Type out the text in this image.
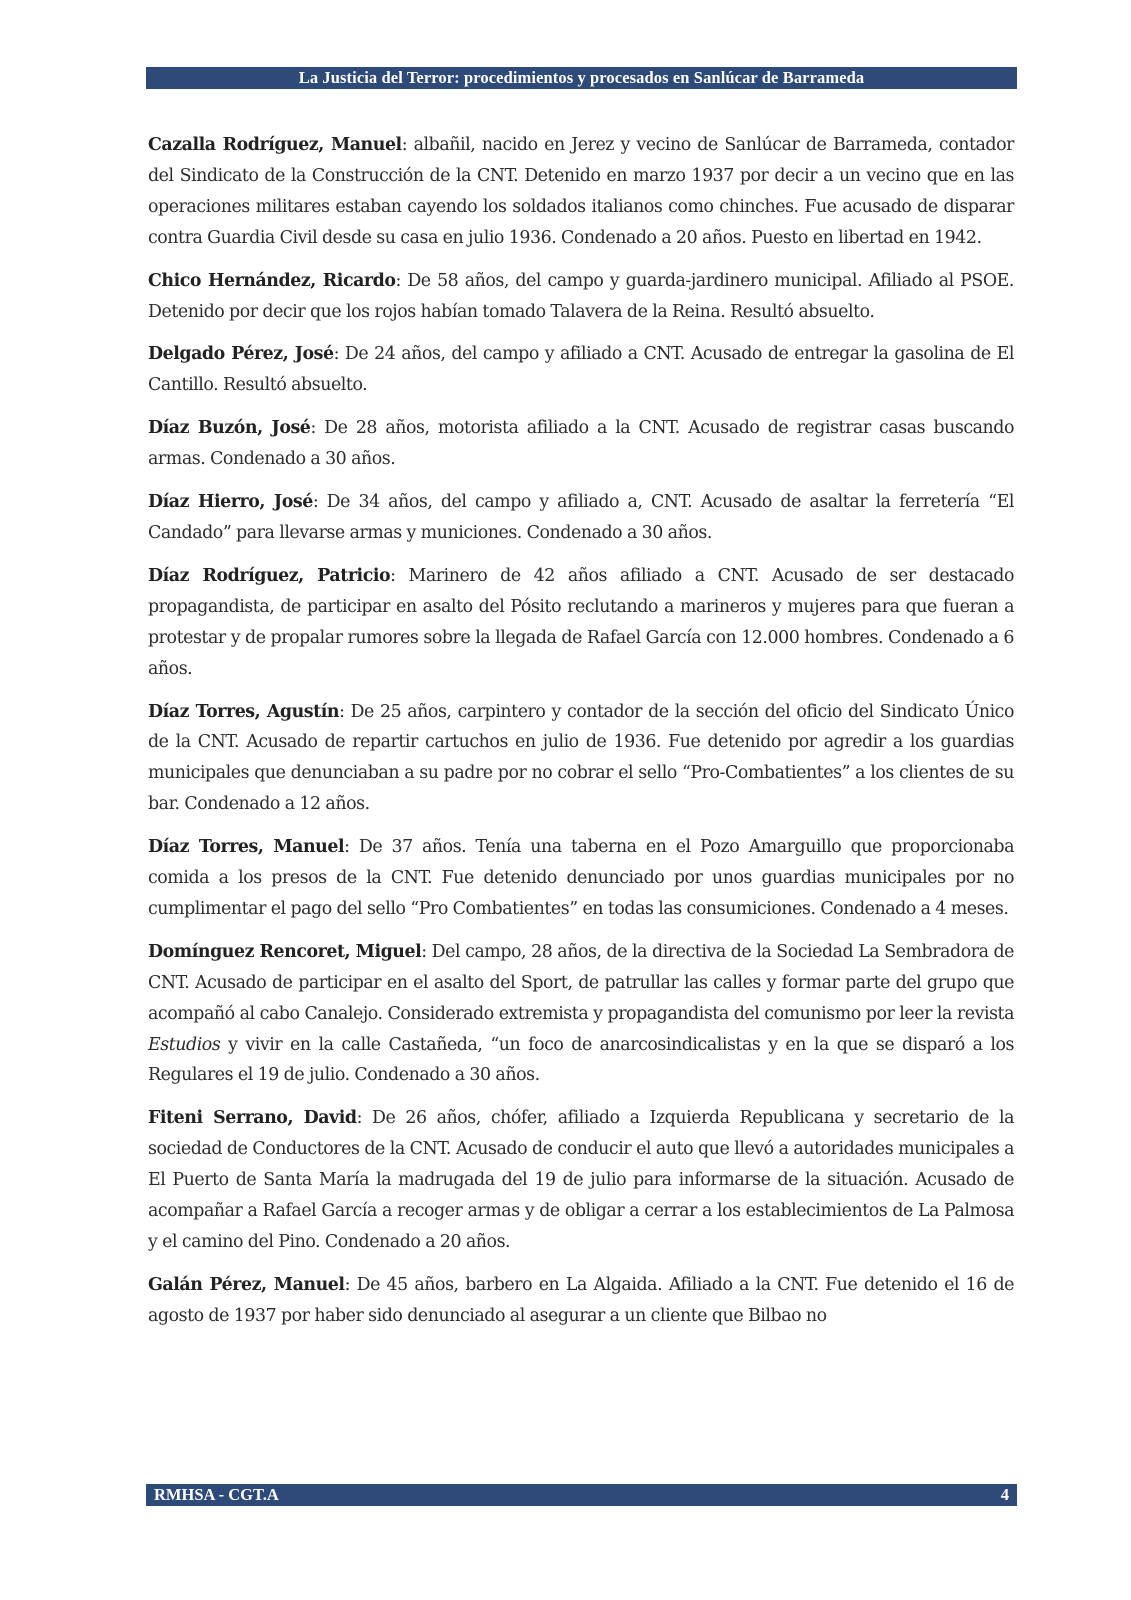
La Justicia del Terror: procedimientos y procesados en Sanlúcar de Barrameda

Cazalla Rodríguez, Manuel: albañil, nacido en Jerez y vecino de Sanlúcar de Barrameda, contador del Sindicato de la Construcción de la CNT. Detenido en marzo 1937 por decir a un vecino que en las operaciones militares estaban cayendo los soldados italianos como chinches. Fue acusado de disparar contra Guardia Civil desde su casa en julio 1936. Condenado a 20 años. Puesto en libertad en 1942.

Chico Hernández, Ricardo: De 58 años, del campo y guarda-jardinero municipal. Afiliado al PSOE. Detenido por decir que los rojos habían tomado Talavera de la Reina. Resultó absuelto.

Delgado Pérez, José: De 24 años, del campo y afiliado a CNT. Acusado de entregar la gasolina de El Cantillo. Resultó absuelto.

Díaz Buzón, José: De 28 años, motorista afiliado a la CNT. Acusado de registrar casas buscando armas. Condenado a 30 años.

Díaz Hierro, José: De 34 años, del campo y afiliado a, CNT. Acusado de asaltar la ferretería “El Candado” para llevarse armas y municiones. Condenado a 30 años.

Díaz Rodríguez, Patricio: Marinero de 42 años afiliado a CNT. Acusado de ser destacado propagandista, de participar en asalto del Pósito reclutando a marineros y mujeres para que fueran a protestar y de propalar rumores sobre la llegada de Rafael García con 12.000 hombres. Condenado a 6 años.

Díaz Torres, Agustín: De 25 años, carpintero y contador de la sección del oficio del Sindicato Único de la CNT. Acusado de repartir cartuchos en julio de 1936. Fue detenido por agredir a los guardias municipales que denunciaban a su padre por no cobrar el sello “Pro-Combatientes” a los clientes de su bar. Condenado a 12 años.

Díaz Torres, Manuel: De 37 años. Tenía una taberna en el Pozo Amarguillo que proporcionaba comida a los presos de la CNT. Fue detenido denunciado por unos guardias municipales por no cumplimentar el pago del sello “Pro Combatientes” en todas las consumiciones. Condenado a 4 meses.

Domínguez Rencoret, Miguel: Del campo, 28 años, de la directiva de la Sociedad La Sembradora de CNT. Acusado de participar en el asalto del Sport, de patrullar las calles y formar parte del grupo que acompañó al cabo Canalejo. Considerado extremista y propagandista del comunismo por leer la revista Estudios y vivir en la calle Castañeda, “un foco de anarcosindicalistas y en la que se disparó a los Regulares el 19 de julio. Condenado a 30 años.

Fiteni Serrano, David: De 26 años, chófer, afiliado a Izquierda Republicana y secretario de la sociedad de Conductores de la CNT. Acusado de conducir el auto que llevó a autoridades municipales a El Puerto de Santa María la madrugada del 19 de julio para informarse de la situación. Acusado de acompañar a Rafael García a recoger armas y de obligar a cerrar a los establecimientos de La Palmosa y el camino del Pino. Condenado a 20 años.

Galán Pérez, Manuel: De 45 años, barbero en La Algaida. Afiliado a la CNT. Fue detenido el 16 de agosto de 1937 por haber sido denunciado al asegurar a un cliente que Bilbao no

RMHSA - CGT.A	4
